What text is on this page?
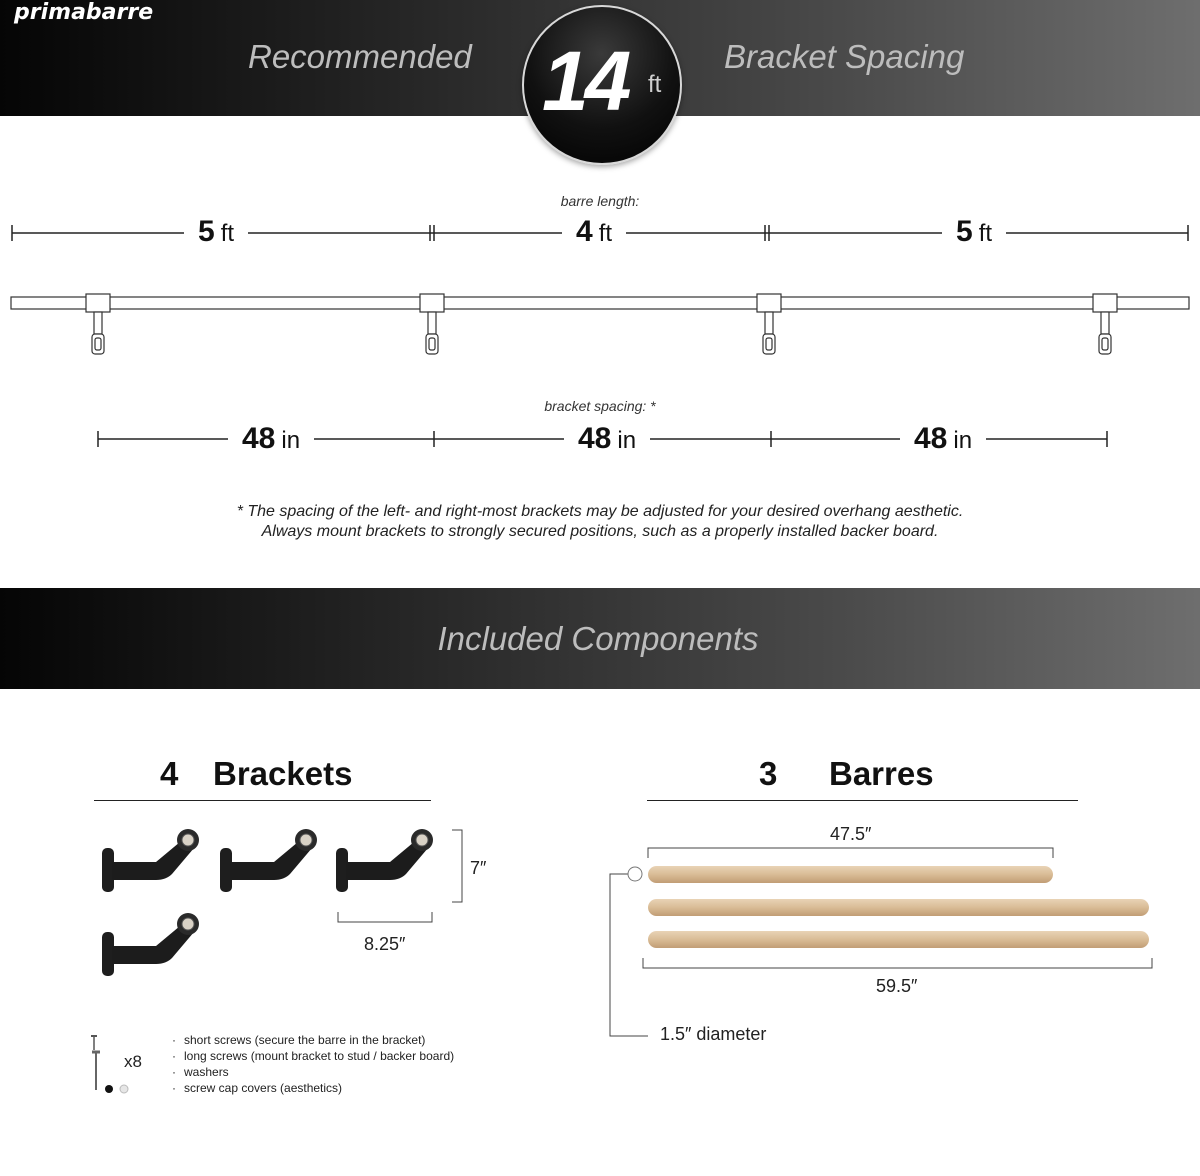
primabarre
Recommended	Bracket Spacing
14 ft
barre length:
5 ft	4 ft	5 ft
bracket spacing: *
48 in	48 in	48 in
* The spacing of the left- and right-most brackets may be adjusted for your desired overhang aesthetic.
Always mount brackets to strongly secured positions, such as a properly installed backer board.
Included Components
4 Brackets
7″
8.25″
x8
· short screws (secure the barre in the bracket)
· long screws (mount bracket to stud / backer board)
· washers
· screw cap covers (aesthetics)
3 Barres
47.5″
59.5″
1.5″ diameter
